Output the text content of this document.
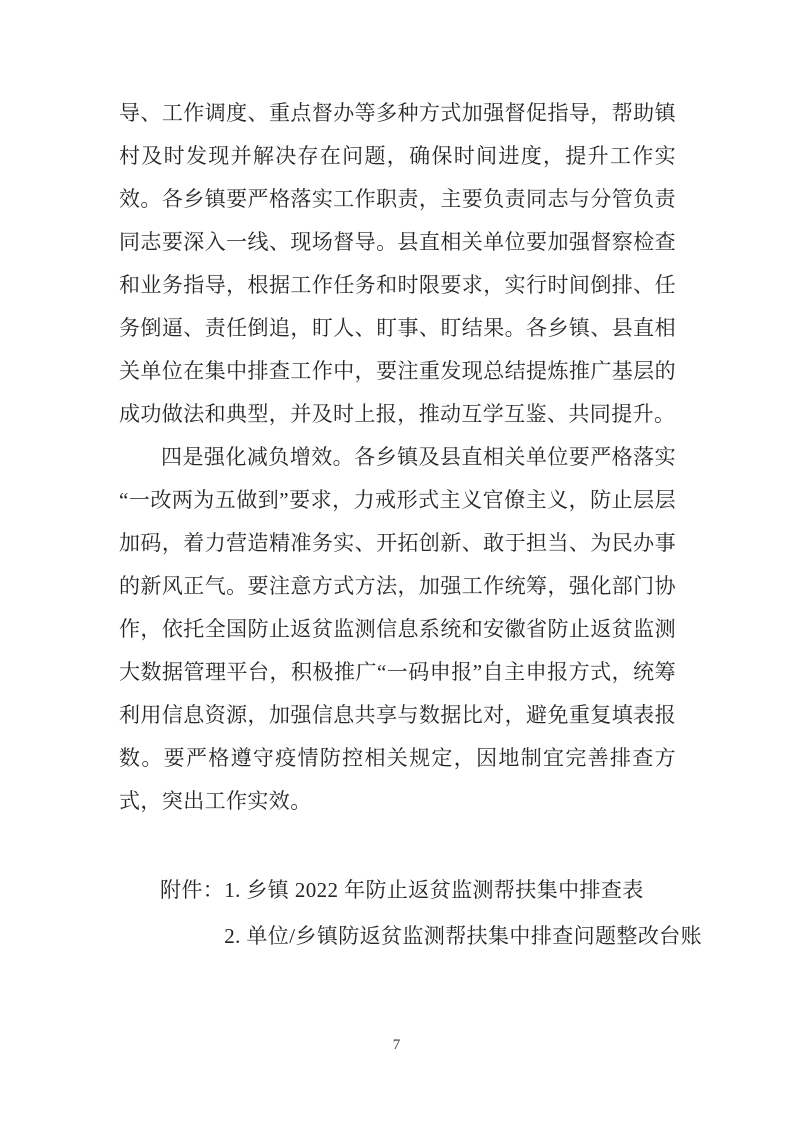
导、工作调度、重点督办等多种方式加强督促指导，帮助镇村及时发现并解决存在问题，确保时间进度，提升工作实效。各乡镇要严格落实工作职责，主要负责同志与分管负责同志要深入一线、现场督导。县直相关单位要加强督察检查和业务指导，根据工作任务和时限要求，实行时间倒排、任务倒逼、责任倒追，盯人、盯事、盯结果。各乡镇、县直相关单位在集中排查工作中，要注重发现总结提炼推广基层的成功做法和典型，并及时上报，推动互学互鉴、共同提升。

四是强化减负增效。各乡镇及县直相关单位要严格落实“一改两为五做到”要求，力戒形式主义官僚主义，防止层层加码，着力营造精准务实、开拓创新、敢于担当、为民办事的新风正气。要注意方式方法，加强工作统筹，强化部门协作，依托全国防止返贫监测信息系统和安徽省防止返贫监测大数据管理平台，积极推广“一码申报”自主申报方式，统筹利用信息资源，加强信息共享与数据比对，避免重复填表报数。要严格遵守疫情防控相关规定，因地制宜完善排查方式，突出工作实效。

附件： 1. 乡镇 2022 年防止返贫监测帮扶集中排查表
2. 单位/乡镇防返贫监测帮扶集中排查问题整改台账
7
